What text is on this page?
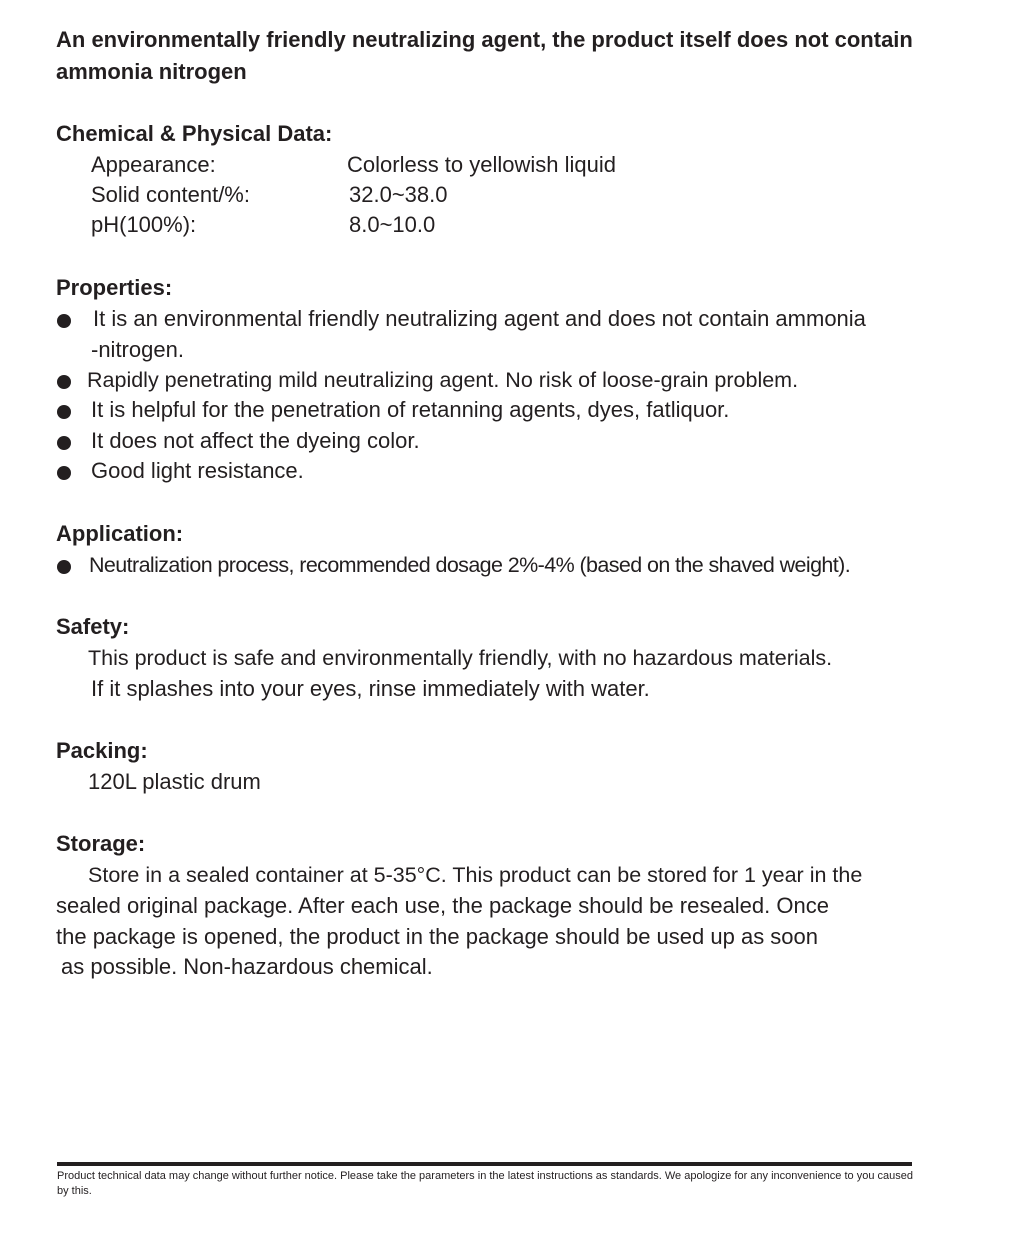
An environmentally friendly neutralizing agent, the product itself does not contain ammonia nitrogen
Chemical & Physical Data:
Appearance:	Colorless to yellowish liquid
Solid content/%:	32.0~38.0
pH(100%):	8.0~10.0
Properties:
It is an environmental friendly neutralizing agent and does not contain ammonia
-nitrogen.
Rapidly penetrating mild neutralizing agent. No risk of loose-grain problem.
It is helpful for the penetration of retanning agents, dyes, fatliquor.
It does not affect the dyeing color.
Good light resistance.
Application:
Neutralization process, recommended dosage 2%-4% (based on the shaved weight).
Safety:
This product is safe and environmentally friendly, with no hazardous materials.
If it splashes into your eyes, rinse immediately with water.
Packing:
120L plastic drum
Storage:
Store in a sealed container at 5-35°C. This product can be stored for 1 year in the
sealed original package. After each use, the package should be resealed. Once
the package is opened, the product in the package should be used up as soon
as possible. Non-hazardous chemical.
Product technical data may change without further notice. Please take the parameters in the latest instructions as standards. We apologize for any inconvenience to you caused by this.
